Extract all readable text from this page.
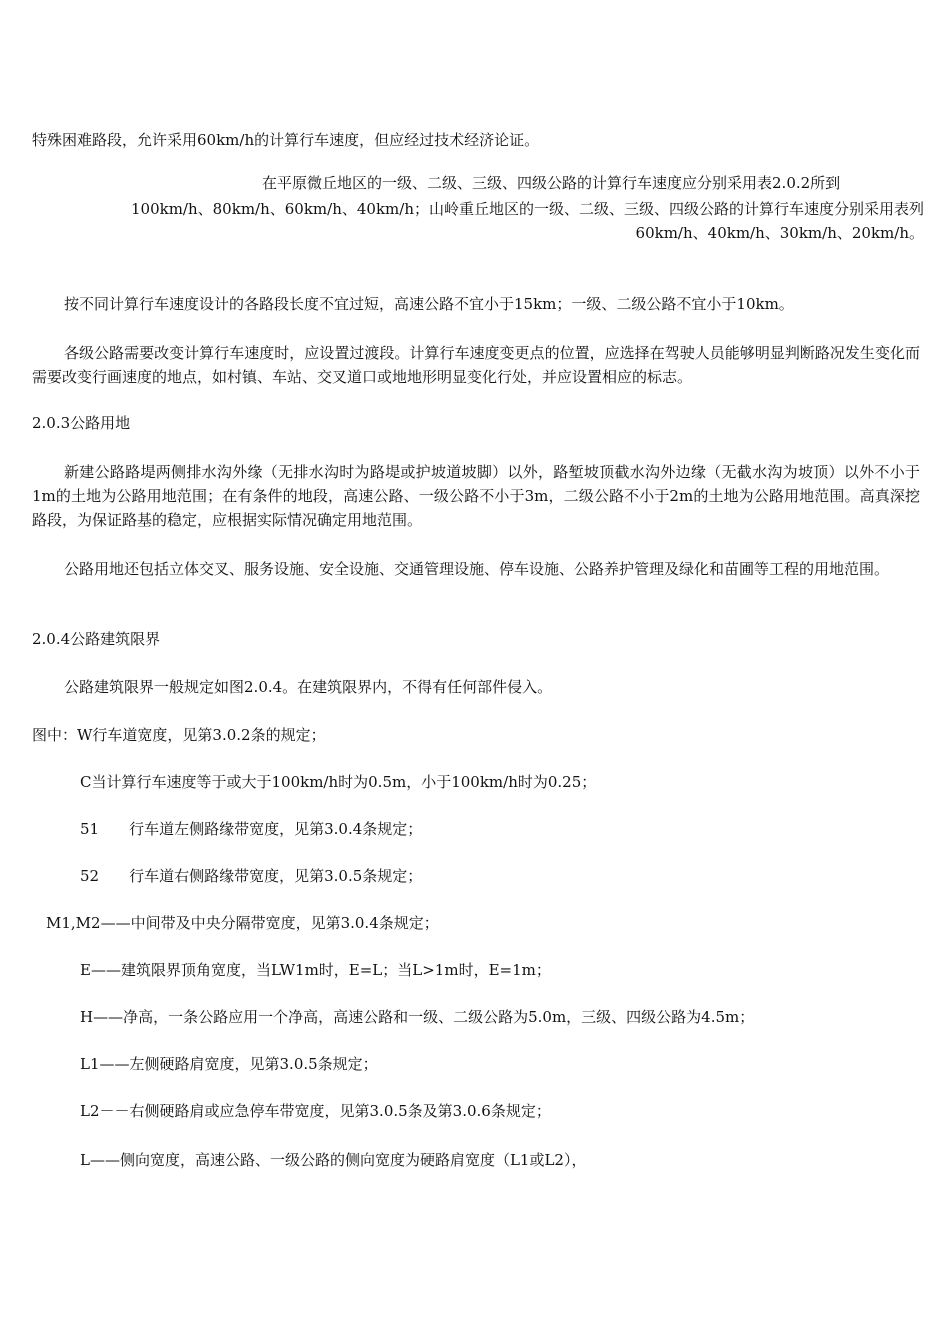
特殊困难路段，允许采用60km/h的计算行车速度，但应经过技术经济论证。
在平原微丘地区的一级、二级、三级、四级公路的计算行车速度应分别采用表2.0.2所到
100km/h、80km/h、60km/h、40km/h；山岭重丘地区的一级、二级、三级、四级公路的计算行车速度分别采用表列
60km/h、40km/h、30km/h、20km/h。
按不同计算行车速度设计的各路段长度不宜过短，高速公路不宜小于15km；一级、二级公路不宜小于10km。
各级公路需要改变计算行车速度时，应设置过渡段。计算行车速度变更点的位置，应选择在驾驶人员能够明显判断路况发生变化而需要改变行画速度的地点，如村镇、车站、交叉道口或地地形明显变化行处，并应设置相应的标志。
2.0.3公路用地
新建公路路堤两侧排水沟外缘（无排水沟时为路堤或护坡道坡脚）以外，路堑坡顶截水沟外边缘（无截水沟为坡顶）以外不小于1m的土地为公路用地范围；在有条件的地段，高速公路、一级公路不小于3m，二级公路不小于2m的土地为公路用地范围。高真深挖路段，为保证路基的稳定，应根据实际情况确定用地范围。
公路用地还包括立体交叉、服务设施、安全设施、交通管理设施、停车设施、公路养护管理及绿化和苗圃等工程的用地范围。
2.0.4公路建筑限界
公路建筑限界一般规定如图2.0.4。在建筑限界内，不得有任何部件侵入。
图中：W行车道宽度，见第3.0.2条的规定；
C当计算行车速度等于或大于100km/h时为0.5m，小于100km/h时为0.25；
51　　行车道左侧路缘带宽度，见第3.0.4条规定；
52　　行车道右侧路缘带宽度，见第3.0.5条规定；
M1,M2——中间带及中央分隔带宽度，见第3.0.4条规定；
E——建筑限界顶角宽度，当LW1m时，E=L；当L>1m时，E=1m；
H——净高，一条公路应用一个净高，高速公路和一级、二级公路为5.0m，三级、四级公路为4.5m；
L1——左侧硬路肩宽度，见第3.0.5条规定；
L2－－右侧硬路肩或应急停车带宽度，见第3.0.5条及第3.0.6条规定；
L——侧向宽度，高速公路、一级公路的侧向宽度为硬路肩宽度（L1或L2），
